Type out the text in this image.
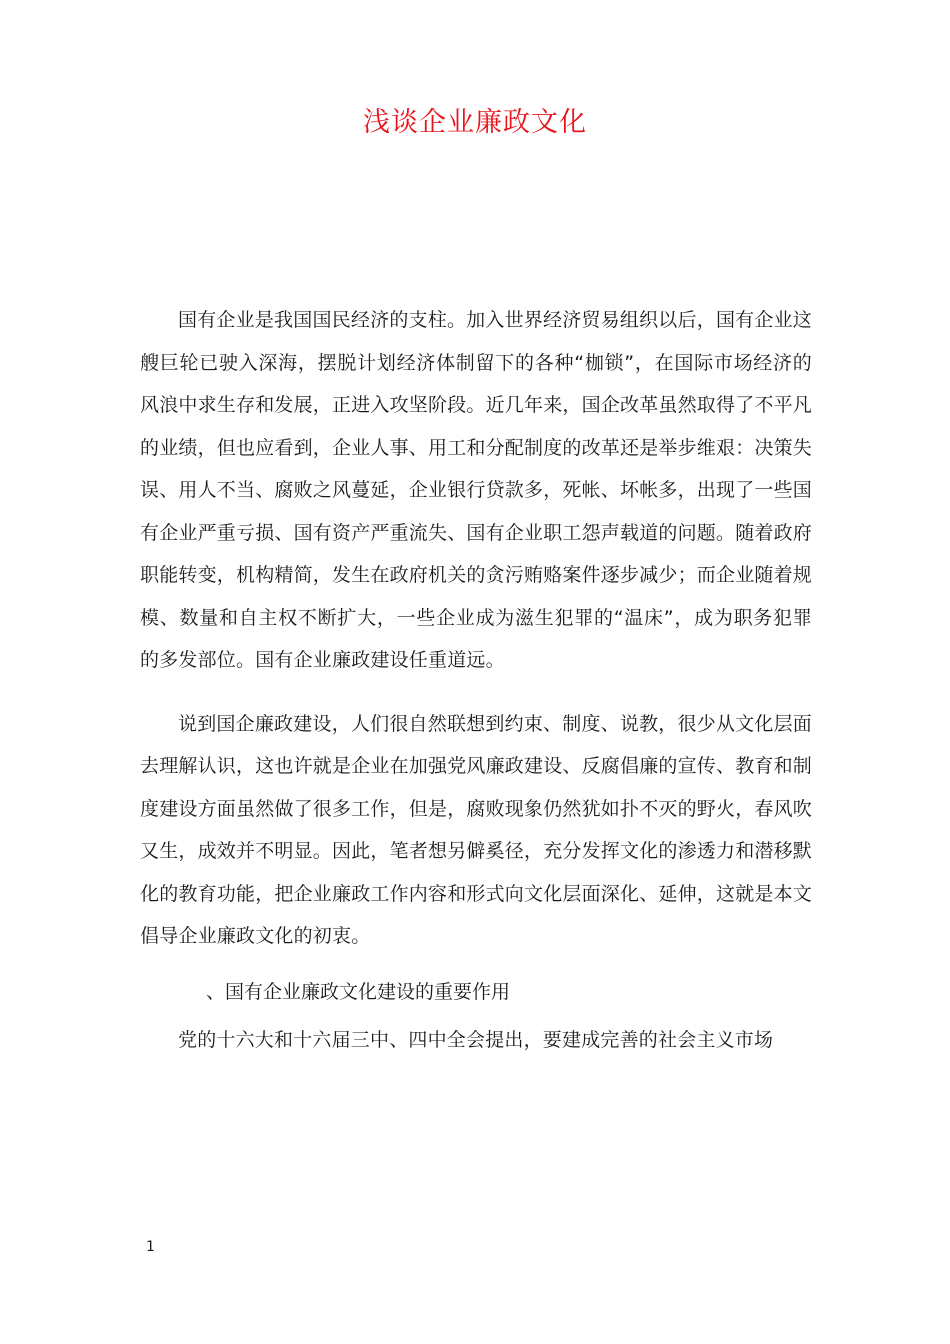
浅谈企业廉政文化

国有企业是我国国民经济的支柱。加入世界经济贸易组织以后，国有企业这艘巨轮已驶入深海，摆脱计划经济体制留下的各种“枷锁”，在国际市场经济的风浪中求生存和发展，正进入攻坚阶段。近几年来，国企改革虽然取得了不平凡的业绩，但也应看到，企业人事、用工和分配制度的改革还是举步维艰：决策失误、用人不当、腐败之风蔓延，企业银行贷款多，死帐、坏帐多，出现了一些国有企业严重亏损、国有资产严重流失、国有企业职工怨声载道的问题。随着政府职能转变，机构精简，发生在政府机关的贪污贿赂案件逐步减少；而企业随着规模、数量和自主权不断扩大，一些企业成为滋生犯罪的“温床”，成为职务犯罪的多发部位。国有企业廉政建设任重道远。

说到国企廉政建设，人们很自然联想到约束、制度、说教，很少从文化层面去理解认识，这也许就是企业在加强党风廉政建设、反腐倡廉的宣传、教育和制度建设方面虽然做了很多工作，但是，腐败现象仍然犹如扑不灭的野火，春风吹又生，成效并不明显。因此，笔者想另僻奚径，充分发挥文化的渗透力和潜移默化的教育功能，把企业廉政工作内容和形式向文化层面深化、延伸，这就是本文倡导企业廉政文化的初衷。

、国有企业廉政文化建设的重要作用

党的十六大和十六届三中、四中全会提出，要建成完善的社会主义市场

1
